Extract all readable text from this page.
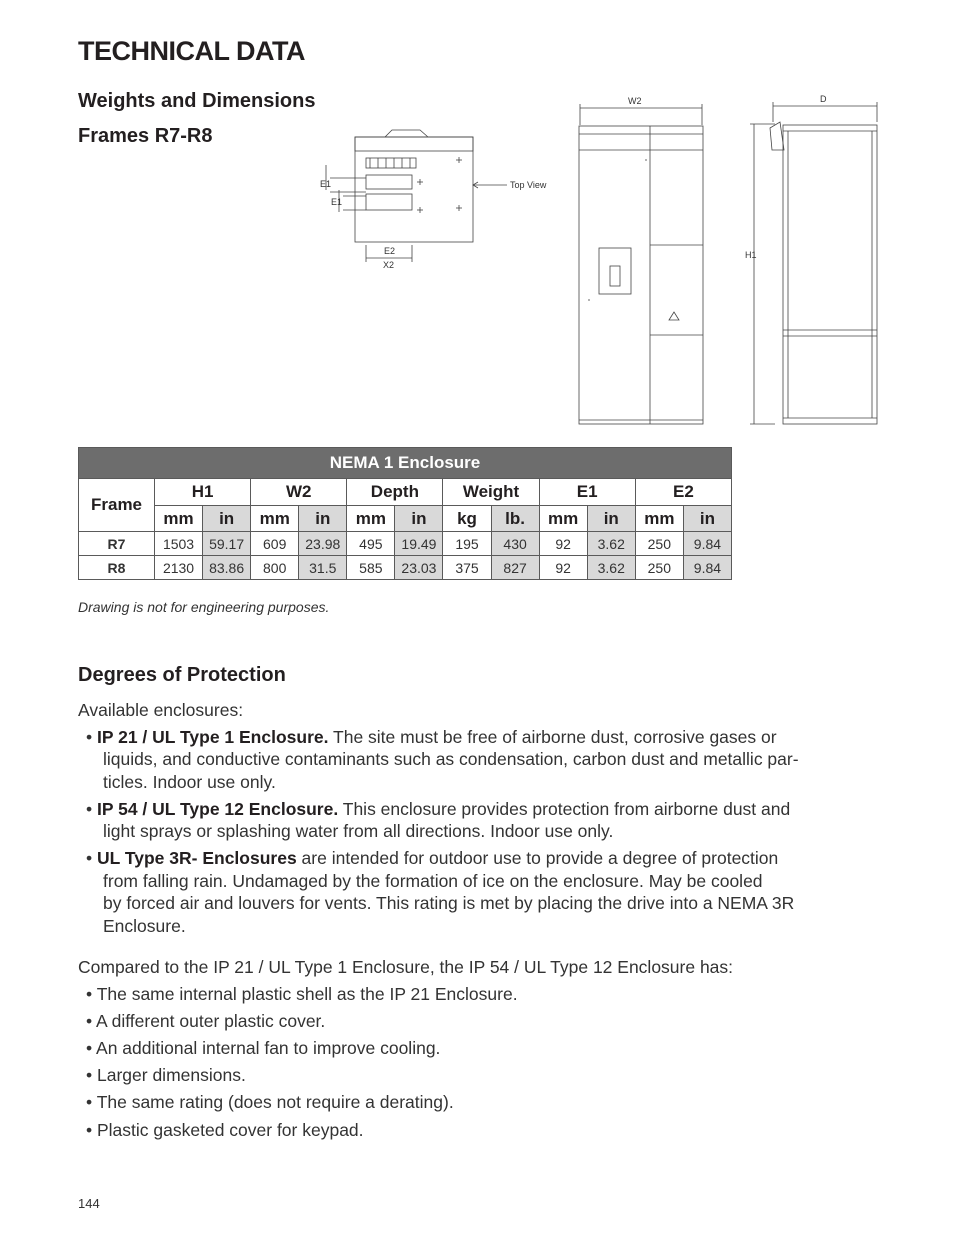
TECHNICAL DATA
Weights and Dimensions
Frames R7-R8
E1
E1
E2
X2
Top View
W2	D
H1
NEMA 1 Enclosure												
Frame	H1		W2		Depth		Weight		E1		E2	
	mm	in	mm	in	mm	in	kg	lb.	mm	in	mm	in
R7	1503	59.17	609	23.98	495	19.49	195	430	92	3.62	250	9.84
R8	2130	83.86	800	31.5	585	23.03	375	827	92	3.62	250	9.84
Drawing is not for engineering purposes.
Degrees of Protection
Available enclosures:
• IP 21 / UL Type 1 Enclosure. The site must be free of airborne dust, corrosive gases or
liquids, and conductive contaminants such as condensation, carbon dust and metallic par-
ticles. Indoor use only.
• IP 54 / UL Type 12 Enclosure. This enclosure provides protection from airborne dust and
light sprays or splashing water from all directions. Indoor use only.
• UL Type 3R- Enclosures are intended for outdoor use to provide a degree of protection
from falling rain. Undamaged by the formation of ice on the enclosure. May be cooled
by forced air and louvers for vents. This rating is met by placing the drive into a NEMA 3R
Enclosure.
Compared to the IP 21 / UL Type 1 Enclosure, the IP 54 / UL Type 12 Enclosure has:
• The same internal plastic shell as the IP 21 Enclosure.
• A different outer plastic cover.
• An additional internal fan to improve cooling.
• Larger dimensions.
• The same rating (does not require a derating).
• Plastic gasketed cover for keypad.
144
